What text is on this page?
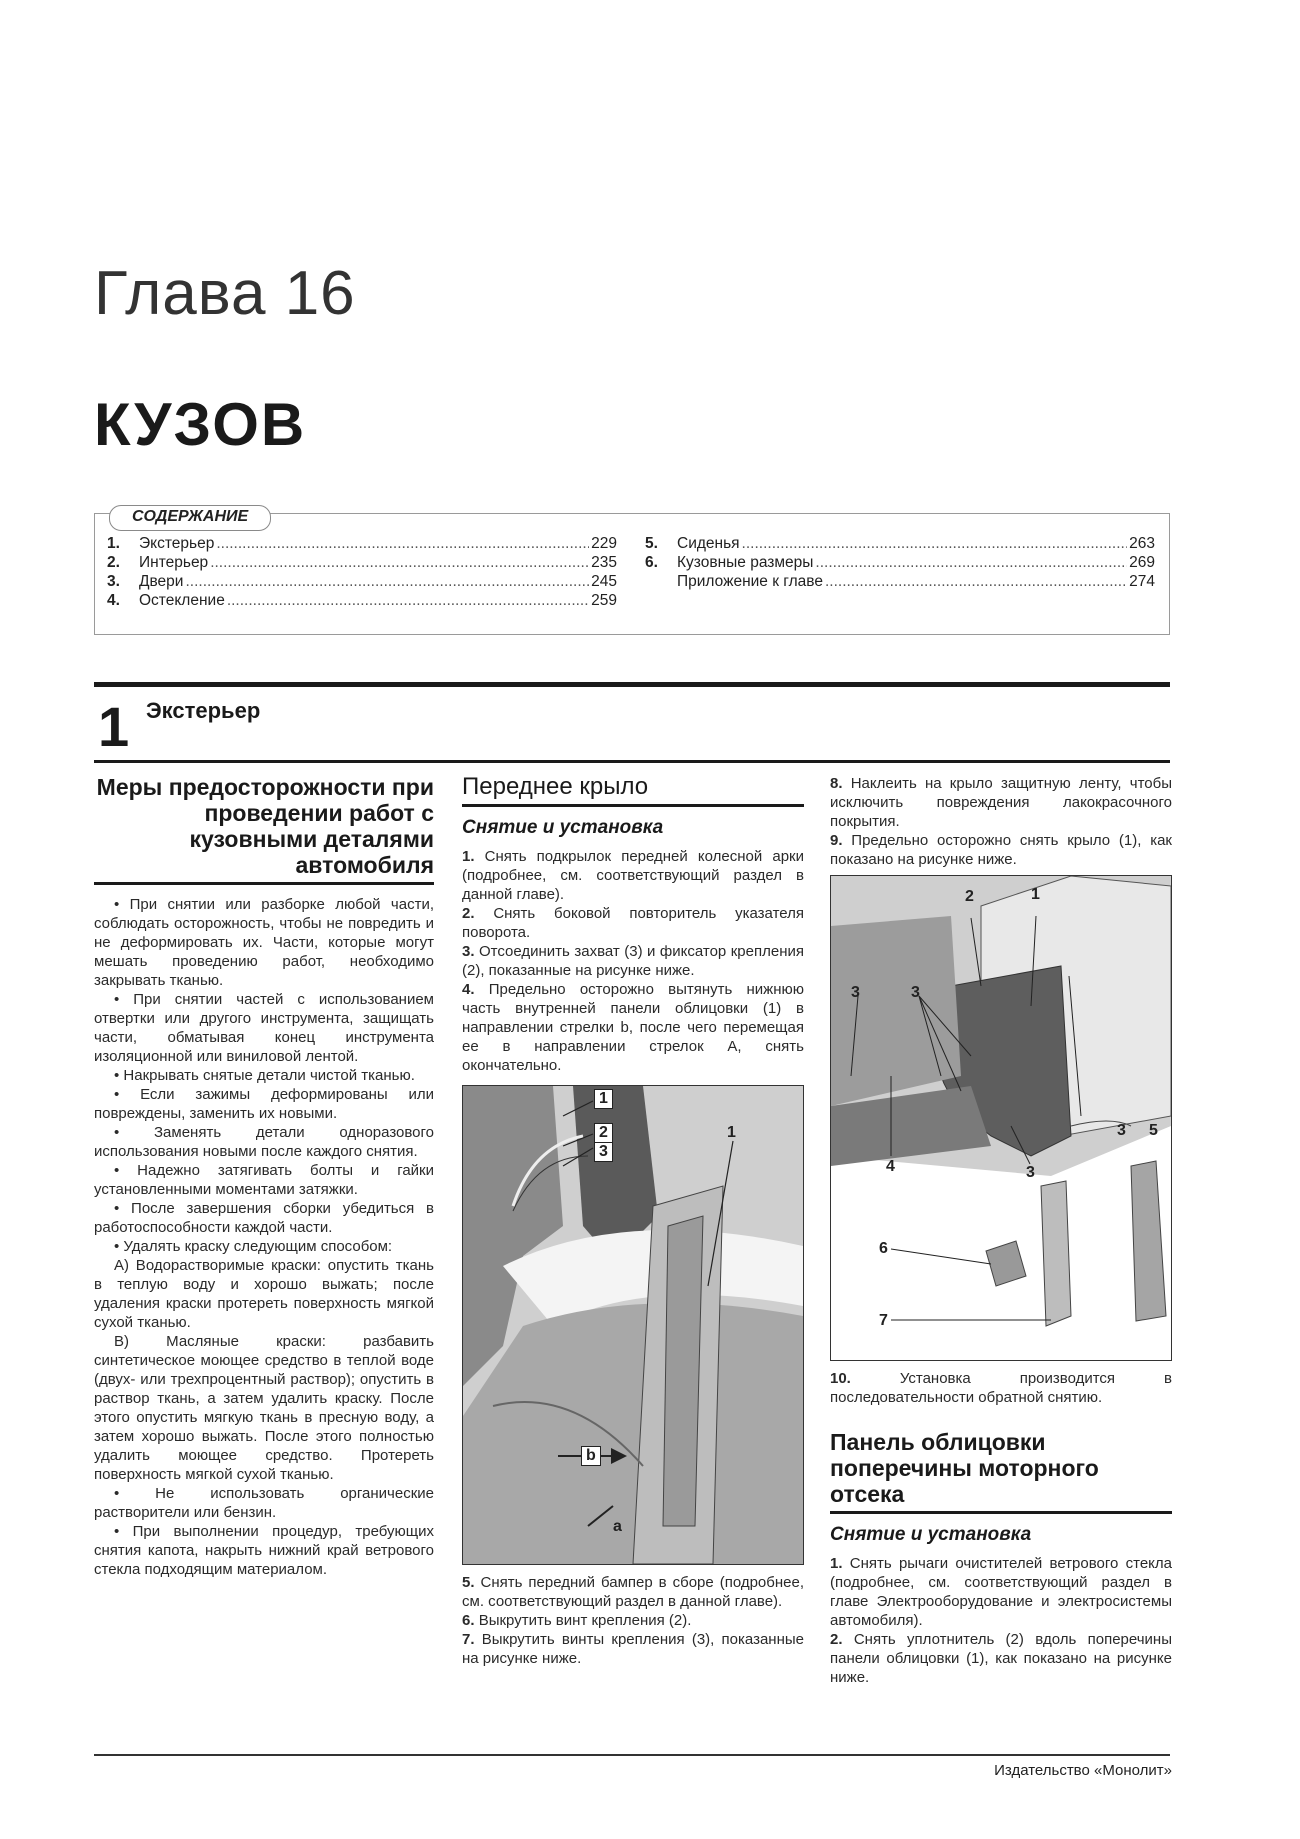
Глава 16
КУЗОВ
СОДЕРЖАНИЕ
1.	Экстерьер .....	229
2.	Интерьер .....	235
3.	Двери .....	245
4.	Остекление .....	259
5.	Сиденья .....	263
6.	Кузовные размеры .....	269
Приложение к главе .....	274
1 Экстерьер
Меры предосторожности при проведении работ с кузовными деталями автомобиля

• При снятии или разборке любой части, соблюдать осторожность, чтобы не повредить и не деформировать их. Части, которые могут мешать проведению работ, необходимо закрывать тканью.

• При снятии частей с использованием отвертки или другого инструмента, защищать части, обматывая конец инструмента изоляционной или виниловой лентой.

• Накрывать снятые детали чистой тканью.

• Если зажимы деформированы или повреждены, заменить их новыми.

• Заменять детали одноразового использования новыми после каждого снятия.

• Надежно затягивать болты и гайки установленными моментами затяжки.

• После завершения сборки убедиться в работоспособности каждой части.

• Удалять краску следующим способом:

А) Водорастворимые краски: опустить ткань в теплую воду и хорошо выжать; после удаления краски протереть поверхность мягкой сухой тканью.

В) Масляные краски: разбавить синтетическое моющее средство в теплой воде (двух- или трехпроцентный раствор); опустить в раствор ткань, а затем удалить краску. После этого опустить мягкую ткань в пресную воду, а затем хорошо выжать. После этого полностью удалить моющее средство. Протереть поверхность мягкой сухой тканью.

• Не использовать органические растворители или бензин.

• При выполнении процедур, требующих снятия капота, накрыть нижний край ветрового стекла подходящим материалом.

Переднее крыло
Снятие и установка

1. Снять подкрылок передней колесной арки (подробнее, см. соответствующий раздел в данной главе).

2. Снять боковой повторитель указателя поворота.

3. Отсоединить захват (3) и фиксатор крепления (2), показанные на рисунке ниже.

4. Предельно осторожно вытянуть нижнюю часть внутренней панели облицовки (1) в направлении стрелки b, после чего перемещая ее в направлении стрелок А, снять окончательно.

1
2
3
1
b
a

5. Снять передний бампер в сборе (подробнее, см. соответствующий раздел в данной главе).

6. Выкрутить винт крепления (2).

7. Выкрутить винты крепления (3), показанные на рисунке ниже.

8. Наклеить на крыло защитную ленту, чтобы исключить повреждения лакокрасочного покрытия.

9. Предельно осторожно снять крыло (1), как показано на рисунке ниже.

2	1
3	3
3
3
4
5
6
7

10.	Установка производится в последовательности обратной снятию.

Панель облицовки поперечины моторного отсека
Снятие и установка

1. Снять рычаги очистителей ветрового стекла (подробнее, см. соответствующий раздел в главе Электрооборудование и электросистемы автомобиля).

2. Снять уплотнитель (2) вдоль поперечины панели облицовки (1), как показано на рисунке ниже.

Издательство «Монолит»
